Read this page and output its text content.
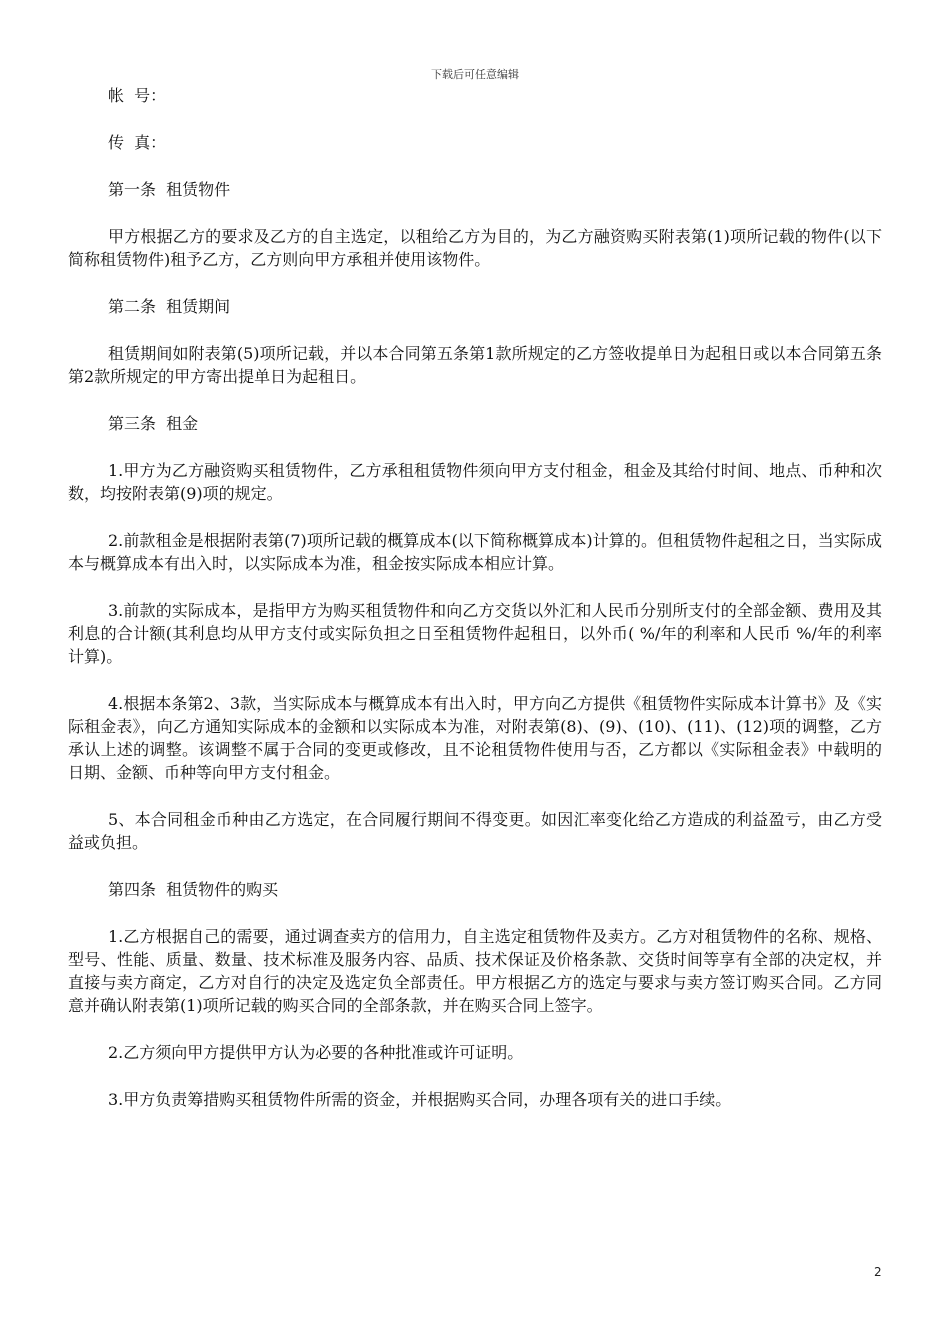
下载后可任意编辑

帐  号：

传  真：

第一条  租赁物件

甲方根据乙方的要求及乙方的自主选定，以租给乙方为目的，为乙方融资购买附表第(1)项所记载的物件(以下简称租赁物件)租予乙方，乙方则向甲方承租并使用该物件。

第二条  租赁期间

租赁期间如附表第(5)项所记载，并以本合同第五条第1款所规定的乙方签收提单日为起租日或以本合同第五条第2款所规定的甲方寄出提单日为起租日。

第三条  租金

1.甲方为乙方融资购买租赁物件，乙方承租租赁物件须向甲方支付租金，租金及其给付时间、地点、币种和次数，均按附表第(9)项的规定。

2.前款租金是根据附表第(7)项所记载的概算成本(以下简称概算成本)计算的。但租赁物件起租之日，当实际成本与概算成本有出入时，以实际成本为准，租金按实际成本相应计算。

3.前款的实际成本，是指甲方为购买租赁物件和向乙方交货以外汇和人民币分别所支付的全部金额、费用及其利息的合计额(其利息均从甲方支付或实际负担之日至租赁物件起租日，以外币( %/年的利率和人民币 %/年的利率计算)。

4.根据本条第2、3款，当实际成本与概算成本有出入时，甲方向乙方提供《租赁物件实际成本计算书》及《实际租金表》，向乙方通知实际成本的金额和以实际成本为准，对附表第(8)、(9)、(10)、(11)、(12)项的调整，乙方承认上述的调整。该调整不属于合同的变更或修改，且不论租赁物件使用与否，乙方都以《实际租金表》中载明的日期、金额、币种等向甲方支付租金。

5、本合同租金币种由乙方选定，在合同履行期间不得变更。如因汇率变化给乙方造成的利益盈亏，由乙方受益或负担。

第四条  租赁物件的购买

1.乙方根据自己的需要，通过调查卖方的信用力，自主选定租赁物件及卖方。乙方对租赁物件的名称、规格、型号、性能、质量、数量、技术标准及服务内容、品质、技术保证及价格条款、交货时间等享有全部的决定权，并直接与卖方商定，乙方对自行的决定及选定负全部责任。甲方根据乙方的选定与要求与卖方签订购买合同。乙方同意并确认附表第(1)项所记载的购买合同的全部条款，并在购买合同上签字。

2.乙方须向甲方提供甲方认为必要的各种批准或许可证明。

3.甲方负责筹措购买租赁物件所需的资金，并根据购买合同，办理各项有关的进口手续。

2
